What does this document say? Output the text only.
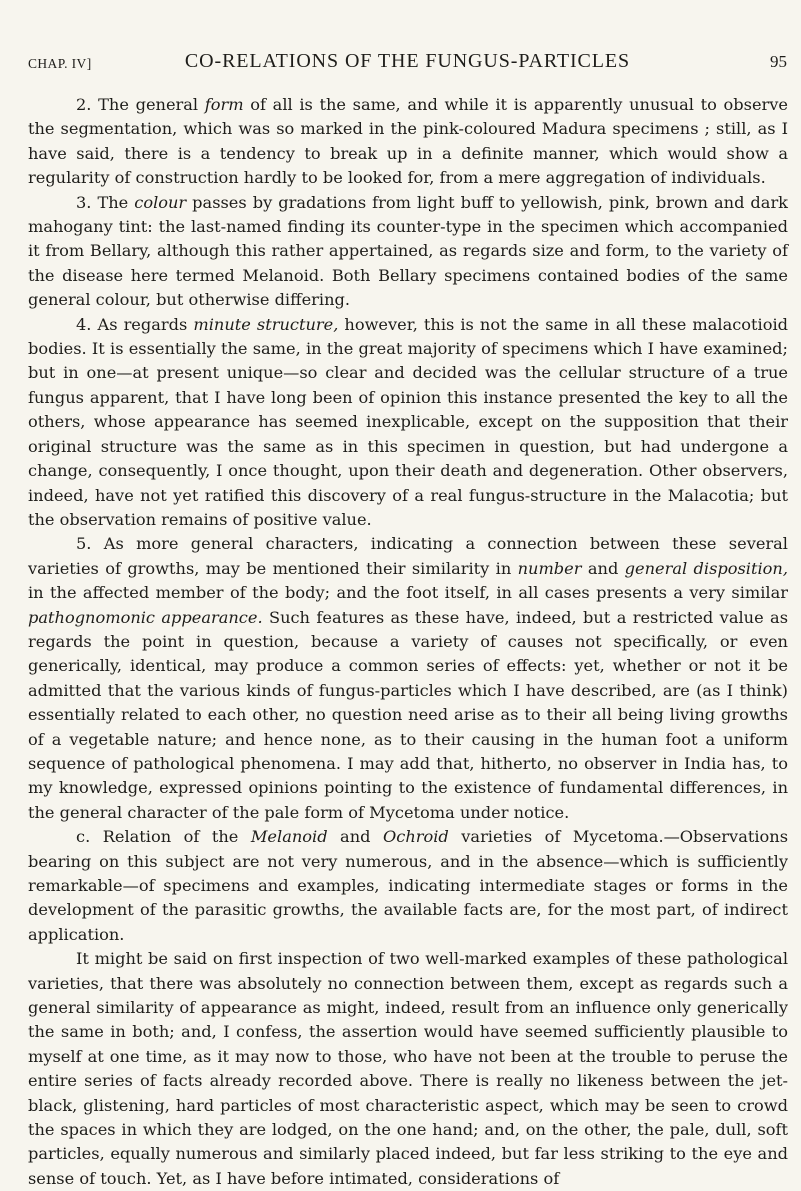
CHAP. IV]	CO-RELATIONS OF THE FUNGUS-PARTICLES	95

2. The general form of all is the same, and while it is apparently unusual to observe the segmentation, which was so marked in the pink-coloured Madura specimens ; still, as I have said, there is a tendency to break up in a definite manner, which would show a regularity of construction hardly to be looked for, from a mere aggregation of individuals.

3. The colour passes by gradations from light buff to yellowish, pink, brown and dark mahogany tint: the last-named finding its counter-type in the specimen which accompanied it from Bellary, although this rather appertained, as regards size and form, to the variety of the disease here termed Melanoid. Both Bellary specimens contained bodies of the same general colour, but otherwise differing.

4. As regards minute structure, however, this is not the same in all these malacotioid bodies. It is essentially the same, in the great majority of specimens which I have examined; but in one—at present unique—so clear and decided was the cellular structure of a true fungus apparent, that I have long been of opinion this instance presented the key to all the others, whose appearance has seemed inexplicable, except on the supposition that their original structure was the same as in this specimen in question, but had undergone a change, consequently, I once thought, upon their death and degeneration. Other observers, indeed, have not yet ratified this discovery of a real fungus-structure in the Malacotia; but the observation remains of positive value.

5. As more general characters, indicating a connection between these several varieties of growths, may be mentioned their similarity in number and general disposition, in the affected member of the body; and the foot itself, in all cases presents a very similar pathognomonic appearance. Such features as these have, indeed, but a restricted value as regards the point in question, because a variety of causes not specifically, or even generically, identical, may produce a common series of effects: yet, whether or not it be admitted that the various kinds of fungus-particles which I have described, are (as I think) essentially related to each other, no question need arise as to their all being living growths of a vegetable nature; and hence none, as to their causing in the human foot a uniform sequence of pathological phenomena. I may add that, hitherto, no observer in India has, to my knowledge, expressed opinions pointing to the existence of fundamental differences, in the general character of the pale form of Mycetoma under notice.

c. Relation of the Melanoid and Ochroid varieties of Mycetoma.—Observations bearing on this subject are not very numerous, and in the absence—which is sufficiently remarkable—of specimens and examples, indicating intermediate stages or forms in the development of the parasitic growths, the available facts are, for the most part, of indirect application.

It might be said on first inspection of two well-marked examples of these pathological varieties, that there was absolutely no connection between them, except as regards such a general similarity of appearance as might, indeed, result from an influence only generically the same in both; and, I confess, the assertion would have seemed sufficiently plausible to myself at one time, as it may now to those, who have not been at the trouble to peruse the entire series of facts already recorded above. There is really no likeness between the jet-black, glistening, hard particles of most characteristic aspect, which may be seen to crowd the spaces in which they are lodged, on the one hand; and, on the other, the pale, dull, soft particles, equally numerous and similarly placed indeed, but far less striking to the eye and sense of touch. Yet, as I have before intimated, considerations of
